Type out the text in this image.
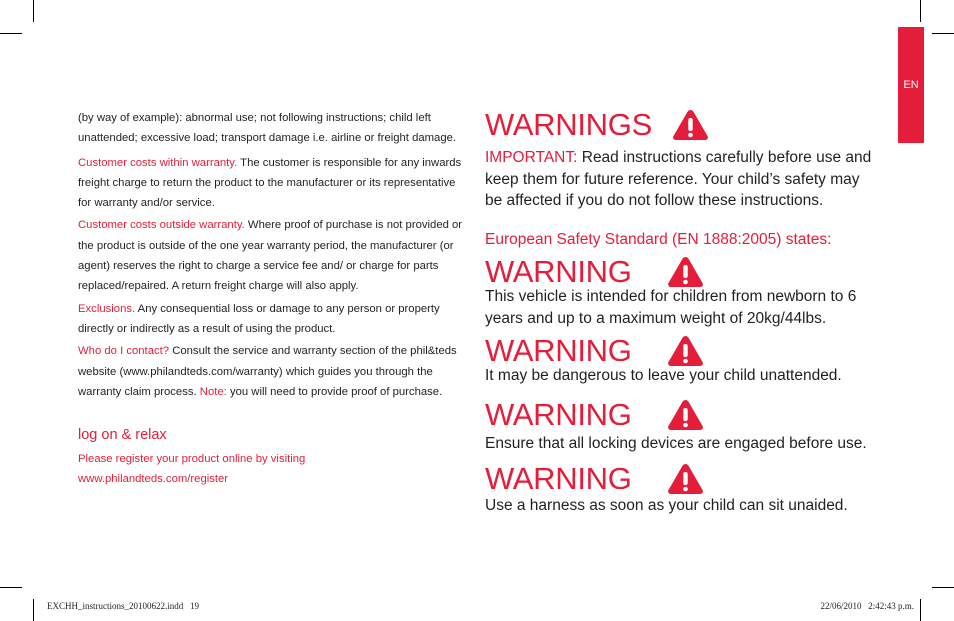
EN

(by way of example): abnormal use; not following instructions; child left unattended; excessive load; transport damage i.e. airline or freight damage.

Customer costs within warranty. The customer is responsible for any inwards freight charge to return the product to the manufacturer or its representative for warranty and/or service.

Customer costs outside warranty. Where proof of purchase is not provided or the product is outside of the one year warranty period, the manufacturer (or agent) reserves the right to charge a service fee and/ or charge for parts replaced/repaired. A return freight charge will also apply.

Exclusions. Any consequential loss or damage to any person or property directly or indirectly as a result of using the product.

Who do I contact? Consult the service and warranty section of the phil&teds website (www.philandteds.com/warranty) which guides you through the warranty claim process. Note: you will need to provide proof of purchase.

log on & relax

Please register your product online by visiting

www.philandteds.com/register

WARNINGS

IMPORTANT: Read instructions carefully before use and keep them for future reference. Your child’s safety may be affected if you do not follow these instructions.

European Safety Standard (EN 1888:2005) states:

WARNING

This vehicle is intended for children from newborn to 6 years and up to a maximum weight of 20kg/44lbs.

WARNING

It may be dangerous to leave your child unattended.

WARNING

Ensure that all locking devices are engaged before use.

WARNING

Use a harness as soon as your child can sit unaided.

EXCHH_instructions_20100622.indd   19	22/06/2010   2:42:43 p.m.
